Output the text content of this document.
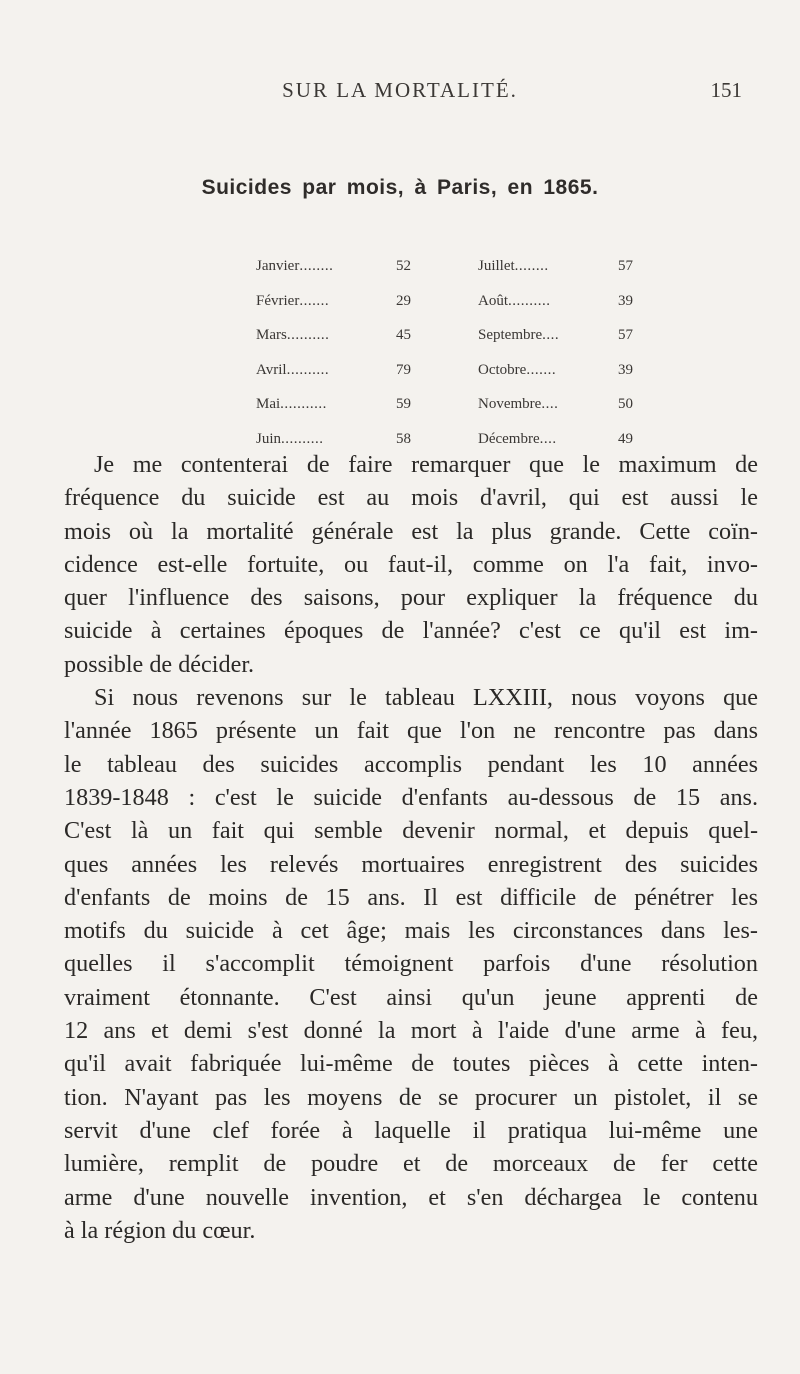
SUR LA MORTALITÉ.	151
Suicides par mois, à Paris, en 1865.
Janvier........	52	Juillet........	57
Février.......	29	Août..........	39
Mars..........	45	Septembre....	57
Avril..........	79	Octobre.......	39
Mai...........	59	Novembre....	50
Juin..........	58	Décembre....	49
Je me contenterai de faire remarquer que le maximum de
fréquence du suicide est au mois d'avril, qui est aussi le
mois où la mortalité générale est la plus grande. Cette coïn-
cidence est-elle fortuite, ou faut-il, comme on l'a fait, invo-
quer l'influence des saisons, pour expliquer la fréquence du
suicide à certaines époques de l'année? c'est ce qu'il est im-
possible de décider.
Si nous revenons sur le tableau LXXIII, nous voyons que
l'année 1865 présente un fait que l'on ne rencontre pas dans
le tableau des suicides accomplis pendant les 10 années
1839-1848 : c'est le suicide d'enfants au-dessous de 15 ans.
C'est là un fait qui semble devenir normal, et depuis quel-
ques années les relevés mortuaires enregistrent des suicides
d'enfants de moins de 15 ans. Il est difficile de pénétrer les
motifs du suicide à cet âge; mais les circonstances dans les-
quelles il s'accomplit témoignent parfois d'une résolution
vraiment étonnante. C'est ainsi qu'un jeune apprenti de
12 ans et demi s'est donné la mort à l'aide d'une arme à feu,
qu'il avait fabriquée lui-même de toutes pièces à cette inten-
tion. N'ayant pas les moyens de se procurer un pistolet, il se
servit d'une clef forée à laquelle il pratiqua lui-même une
lumière, remplit de poudre et de morceaux de fer cette
arme d'une nouvelle invention, et s'en déchargea le contenu
à la région du cœur.
